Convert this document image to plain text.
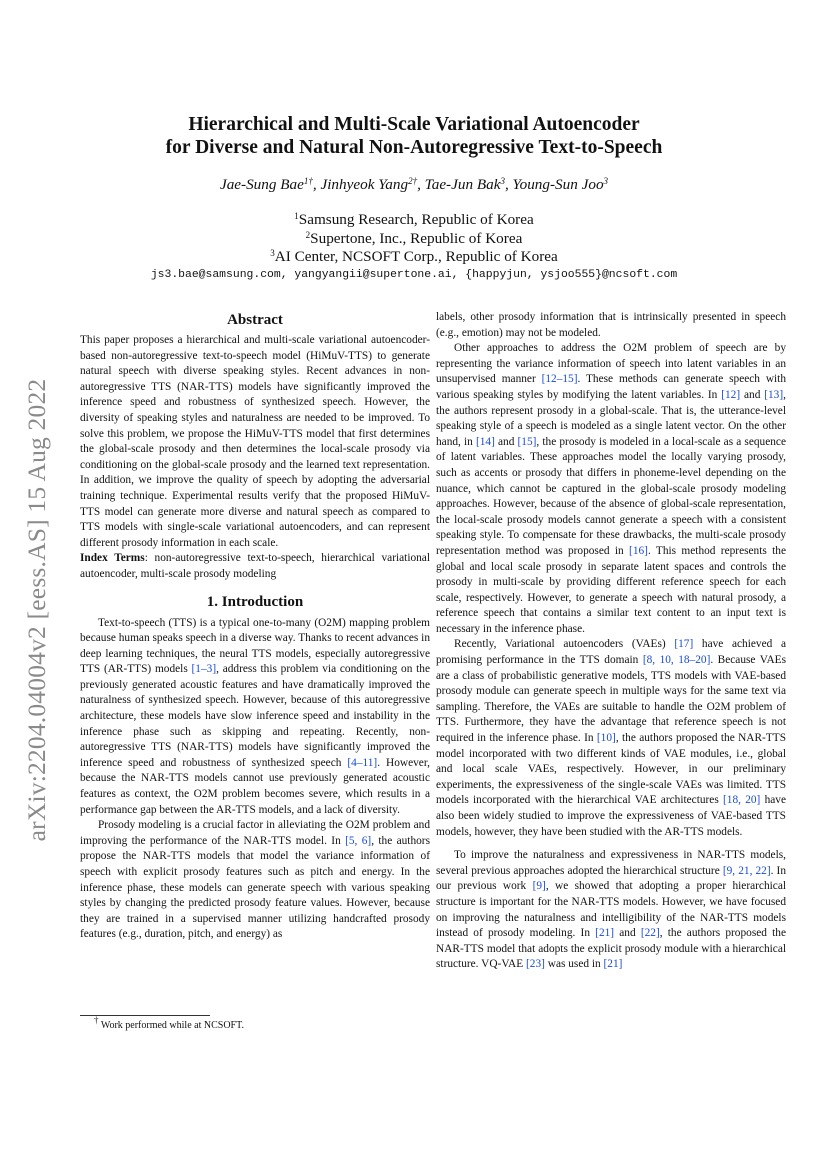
arXiv:2204.04004v2 [eess.AS] 15 Aug 2022
Hierarchical and Multi-Scale Variational Autoencoder
for Diverse and Natural Non-Autoregressive Text-to-Speech
Jae-Sung Bae$^{1\dagger}$, Jinhyeok Yang$^{2\dagger}$, Tae-Jun Bak$^3$, Young-Sun Joo$^3$
$^1$Samsung Research, Republic of Korea
$^2$Supertone, Inc., Republic of Korea
$^3$AI Center, NCSOFT Corp., Republic of Korea
js3.bae@samsung.com, yangyangii@supertone.ai, {happyjun, ysjoo555}@ncsoft.com
Abstract

This paper proposes a hierarchical and multi-scale variational autoencoder-based non-autoregressive text-to-speech model (HiMuV-TTS) to generate natural speech with diverse speaking styles. Recent advances in non-autoregressive TTS (NAR-TTS) models have significantly improved the inference speed and robustness of synthesized speech. However, the diversity of speaking styles and naturalness are needed to be improved. To solve this problem, we propose the HiMuV-TTS model that first determines the global-scale prosody and then determines the local-scale prosody via conditioning on the global-scale prosody and the learned text representation. In addition, we improve the quality of speech by adopting the adversarial training technique. Experimental results verify that the proposed HiMuV-TTS model can generate more diverse and natural speech as compared to TTS models with single-scale variational autoencoders, and can represent different prosody information in each scale.

Index Terms: non-autoregressive text-to-speech, hierarchical variational autoencoder, multi-scale prosody modeling

1. Introduction

Text-to-speech (TTS) is a typical one-to-many (O2M) mapping problem because human speaks speech in a diverse way. Thanks to recent advances in deep learning techniques, the neural TTS models, especially autoregressive TTS (AR-TTS) models [1–3], address this problem via conditioning on the previously generated acoustic features and have dramatically improved the naturalness of synthesized speech. However, because of this autoregressive architecture, these models have slow inference speed and instability in the inference phase such as skipping and repeating. Recently, non-autoregressive TTS (NAR-TTS) models have significantly improved the inference speed and robustness of synthesized speech [4–11]. However, because the NAR-TTS models cannot use previously generated acoustic features as context, the O2M problem becomes severe, which results in a performance gap between the AR-TTS models, and a lack of diversity.

Prosody modeling is a crucial factor in alleviating the O2M problem and improving the performance of the NAR-TTS model. In [5, 6], the authors propose the NAR-TTS models that model the variance information of speech with explicit prosody features such as pitch and energy. In the inference phase, these models can generate speech with various speaking styles by changing the predicted prosody feature values. However, because they are trained in a supervised manner utilizing handcrafted prosody features (e.g., duration, pitch, and energy) as

† Work performed while at NCSOFT.

labels, other prosody information that is intrinsically presented in speech (e.g., emotion) may not be modeled.

Other approaches to address the O2M problem of speech are by representing the variance information of speech into latent variables in an unsupervised manner [12–15]. These methods can generate speech with various speaking styles by modifying the latent variables. In [12] and [13], the authors represent prosody in a global-scale. That is, the utterance-level speaking style of a speech is modeled as a single latent vector. On the other hand, in [14] and [15], the prosody is modeled in a local-scale as a sequence of latent variables. These approaches model the locally varying prosody, such as accents or prosody that differs in phoneme-level depending on the nuance, which cannot be captured in the global-scale prosody modeling approaches. However, because of the absence of global-scale representation, the local-scale prosody models cannot generate a speech with a consistent speaking style. To compensate for these drawbacks, the multi-scale prosody representation method was proposed in [16]. This method represents the global and local scale prosody in separate latent spaces and controls the prosody in multi-scale by providing different reference speech for each scale, respectively. However, to generate a speech with natural prosody, a reference speech that contains a similar text content to an input text is necessary in the inference phase.

Recently, Variational autoencoders (VAEs) [17] have achieved a promising performance in the TTS domain [8, 10, 18–20]. Because VAEs are a class of probabilistic generative models, TTS models with VAE-based prosody module can generate speech in multiple ways for the same text via sampling. Therefore, the VAEs are suitable to handle the O2M problem of TTS. Furthermore, they have the advantage that reference speech is not required in the inference phase. In [10], the authors proposed the NAR-TTS model incorporated with two different kinds of VAE modules, i.e., global and local scale VAEs, respectively. However, in our preliminary experiments, the expressiveness of the single-scale VAEs was limited. TTS models incorporated with the hierarchical VAE architectures [18, 20] have also been widely studied to improve the expressiveness of VAE-based TTS models, however, they have been studied with the AR-TTS models.

To improve the naturalness and expressiveness in NAR-TTS models, several previous approaches adopted the hierarchical structure [9, 21, 22]. In our previous work [9], we showed that adopting a proper hierarchical structure is important for the NAR-TTS models. However, we have focused on improving the naturalness and intelligibility of the NAR-TTS models instead of prosody modeling. In [21] and [22], the authors proposed the NAR-TTS model that adopts the explicit prosody module with a hierarchical structure. VQ-VAE [23] was used in [21]
